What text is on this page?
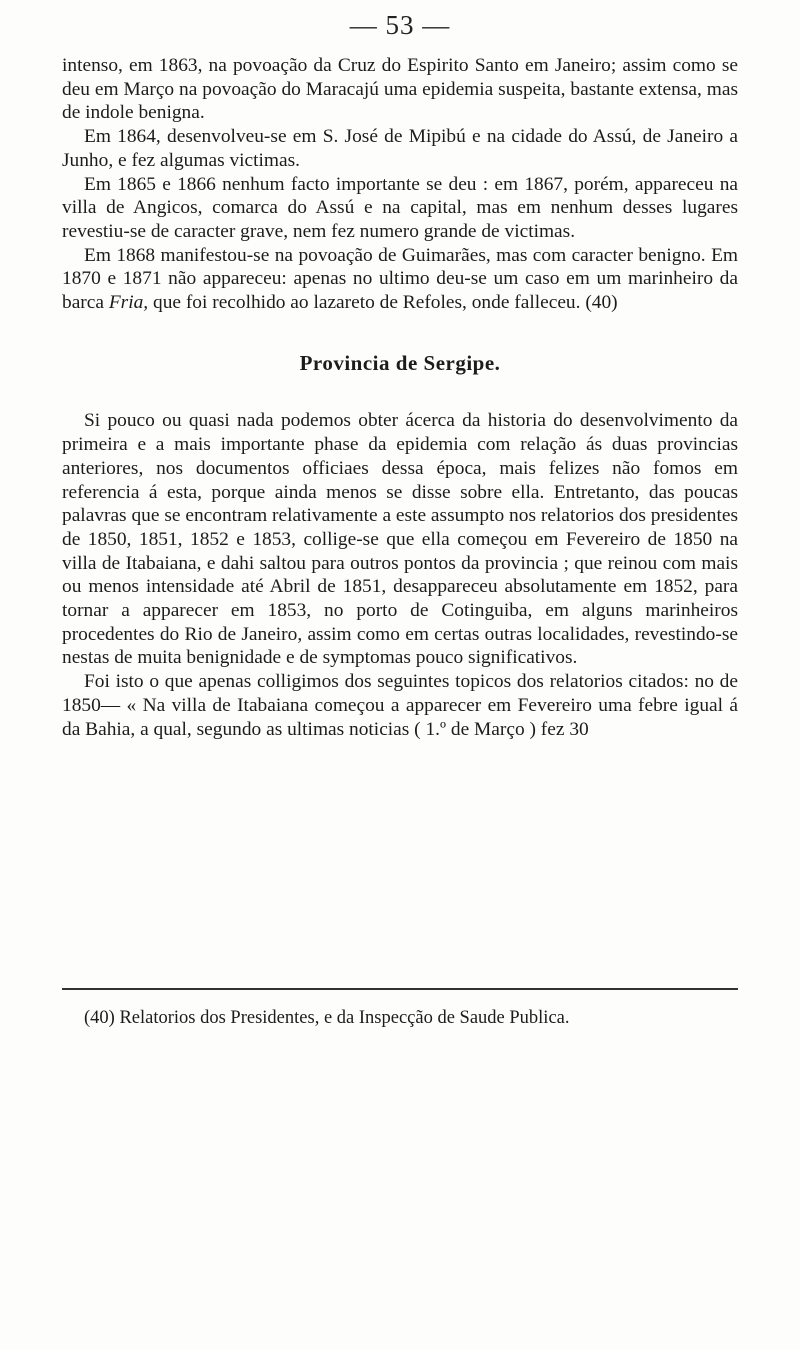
— 53 —

intenso, em 1863, na povoação da Cruz do Espirito Santo em Janeiro; assim como se deu em Março na povoação do Maracajú uma epidemia suspeita, bastante extensa, mas de indole benigna.

Em 1864, desenvolveu-se em S. José de Mipibú e na cidade do Assú, de Janeiro a Junho, e fez algumas victimas.

Em 1865 e 1866 nenhum facto importante se deu : em 1867, porém, appareceu na villa de Angicos, comarca do Assú e na capital, mas em nenhum desses lugares revestiu-se de caracter grave, nem fez numero grande de victimas.

Em 1868 manifestou-se na povoação de Guimarães, mas com caracter benigno. Em 1870 e 1871 não appareceu: apenas no ultimo deu-se um caso em um marinheiro da barca Fria, que foi recolhido ao lazareto de Refoles, onde falleceu. (40)

Provincia de Sergipe.

Si pouco ou quasi nada podemos obter ácerca da historia do desenvolvimento da primeira e a mais importante phase da epidemia com relação ás duas provincias anteriores, nos documentos officiaes dessa época, mais felizes não fomos em referencia á esta, porque ainda menos se disse sobre ella. Entretanto, das poucas palavras que se encontram relativamente a este assumpto nos relatorios dos presidentes de 1850, 1851, 1852 e 1853, collige-se que ella começou em Fevereiro de 1850 na villa de Itabaiana, e dahi saltou para outros pontos da provincia ; que reinou com mais ou menos intensidade até Abril de 1851, desappareceu absolutamente em 1852, para tornar a apparecer em 1853, no porto de Cotinguiba, em alguns marinheiros procedentes do Rio de Janeiro, assim como em certas outras localidades, revestindo-se nestas de muita benignidade e de symptomas pouco significativos.

Foi isto o que apenas colligimos dos seguintes topicos dos relatorios citados: no de 1850— « Na villa de Itabaiana começou a apparecer em Fevereiro uma febre igual á da Bahia, a qual, segundo as ultimas noticias ( 1.º de Março ) fez 30

(40) Relatorios dos Presidentes, e da Inspecção de Saude Publica.
